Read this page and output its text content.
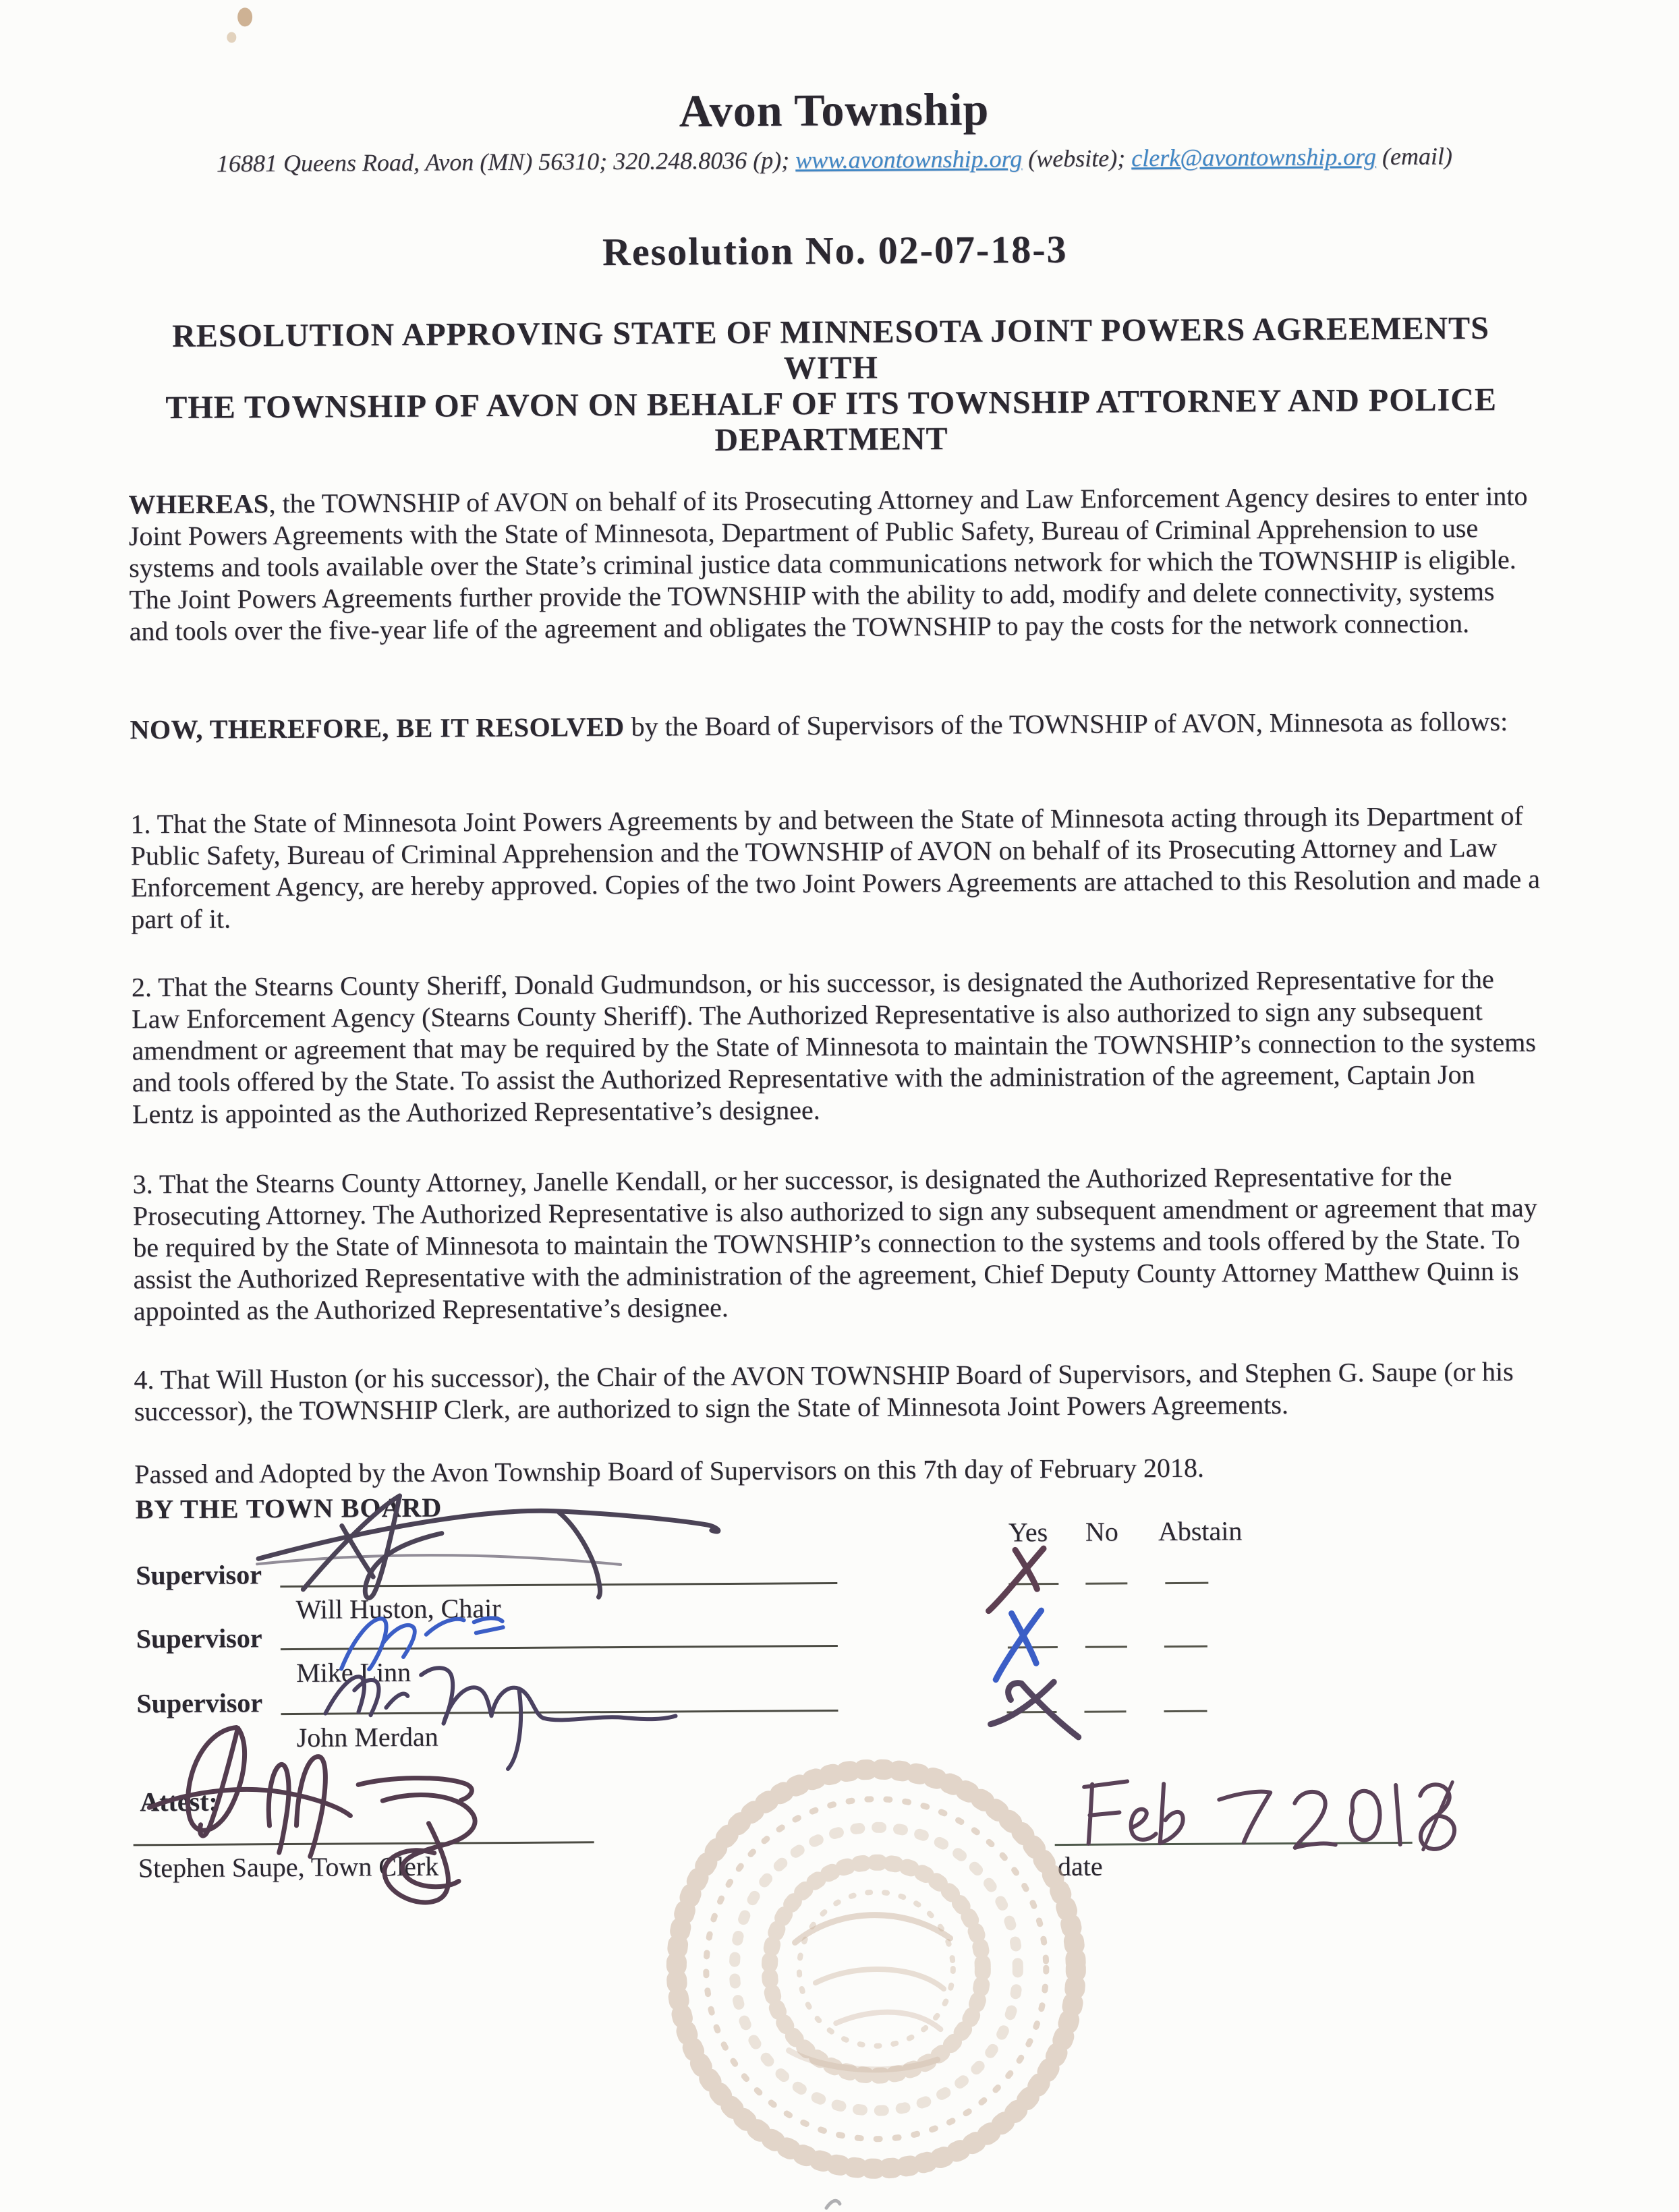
Avon Township
16881 Queens Road, Avon (MN) 56310; 320.248.8036 (p); www.avontownship.org (website); clerk@avontownship.org (email)
Resolution No. 02-07-18-3
RESOLUTION APPROVING STATE OF MINNESOTA JOINT POWERS AGREEMENTS WITH
THE TOWNSHIP OF AVON ON BEHALF OF ITS TOWNSHIP ATTORNEY AND POLICE
DEPARTMENT

WHEREAS, the TOWNSHIP of AVON on behalf of its Prosecuting Attorney and Law Enforcement Agency desires to enter into Joint Powers Agreements with the State of Minnesota, Department of Public Safety, Bureau of Criminal Apprehension to use systems and tools available over the State’s criminal justice data communications network for which the TOWNSHIP is eligible. The Joint Powers Agreements further provide the TOWNSHIP with the ability to add, modify and delete connectivity, systems and tools over the five-year life of the agreement and obligates the TOWNSHIP to pay the costs for the network connection.

NOW, THEREFORE, BE IT RESOLVED by the Board of Supervisors of the TOWNSHIP of AVON, Minnesota as follows:

1. That the State of Minnesota Joint Powers Agreements by and between the State of Minnesota acting through its Department of Public Safety, Bureau of Criminal Apprehension and the TOWNSHIP of AVON on behalf of its Prosecuting Attorney and Law Enforcement Agency, are hereby approved. Copies of the two Joint Powers Agreements are attached to this Resolution and made a part of it.

2. That the Stearns County Sheriff, Donald Gudmundson, or his successor, is designated the Authorized Representative for the Law Enforcement Agency (Stearns County Sheriff). The Authorized Representative is also authorized to sign any subsequent amendment or agreement that may be required by the State of Minnesota to maintain the TOWNSHIP’s connection to the systems and tools offered by the State. To assist the Authorized Representative with the administration of the agreement, Captain Jon Lentz is appointed as the Authorized Representative’s designee.

3. That the Stearns County Attorney, Janelle Kendall, or her successor, is designated the Authorized Representative for the Prosecuting Attorney. The Authorized Representative is also authorized to sign any subsequent amendment or agreement that may be required by the State of Minnesota to maintain the TOWNSHIP’s connection to the systems and tools offered by the State. To assist the Authorized Representative with the administration of the agreement, Chief Deputy County Attorney Matthew Quinn is appointed as the Authorized Representative’s designee.

4. That Will Huston (or his successor), the Chair of the AVON TOWNSHIP Board of Supervisors, and Stephen G. Saupe (or his successor), the TOWNSHIP Clerk, are authorized to sign the State of Minnesota Joint Powers Agreements.

Passed and Adopted by the Avon Township Board of Supervisors on this 7th day of February 2018.

BY THE TOWN BOARD
Supervisor
Will Huston, Chair
Supervisor
Mike Linn
Supervisor
John Merdan
Attest:
Stephen Saupe, Town Clerk
Yes No Abstain
date
